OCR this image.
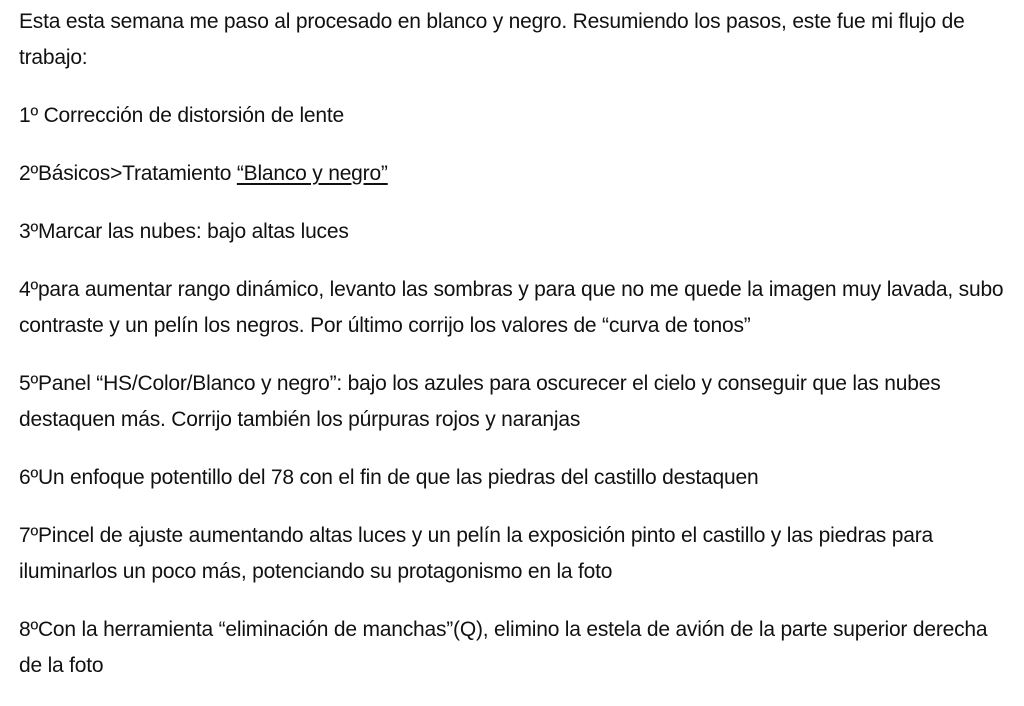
Esta esta semana me paso al procesado en blanco y negro. Resumiendo los pasos, este fue mi flujo de trabajo:

1º Corrección de distorsión de lente

2ºBásicos>Tratamiento “Blanco y negro”

3ºMarcar las nubes: bajo altas luces

4ºpara aumentar rango dinámico, levanto las sombras y para que no me quede la imagen muy lavada, subo contraste y un pelín los negros. Por último corrijo los valores de “curva de tonos”

5ºPanel “HS/Color/Blanco y negro”: bajo los azules para oscurecer el cielo y conseguir que las nubes destaquen más. Corrijo también los púrpuras rojos y naranjas

6ºUn enfoque potentillo del 78 con el fin de que las piedras del castillo destaquen

7ºPincel de ajuste aumentando altas luces y un pelín la exposición pinto el castillo y las piedras para iluminarlos un poco más, potenciando su protagonismo en la foto

8ºCon la herramienta “eliminación de manchas”(Q), elimino la estela de avión de la parte superior derecha de la foto
